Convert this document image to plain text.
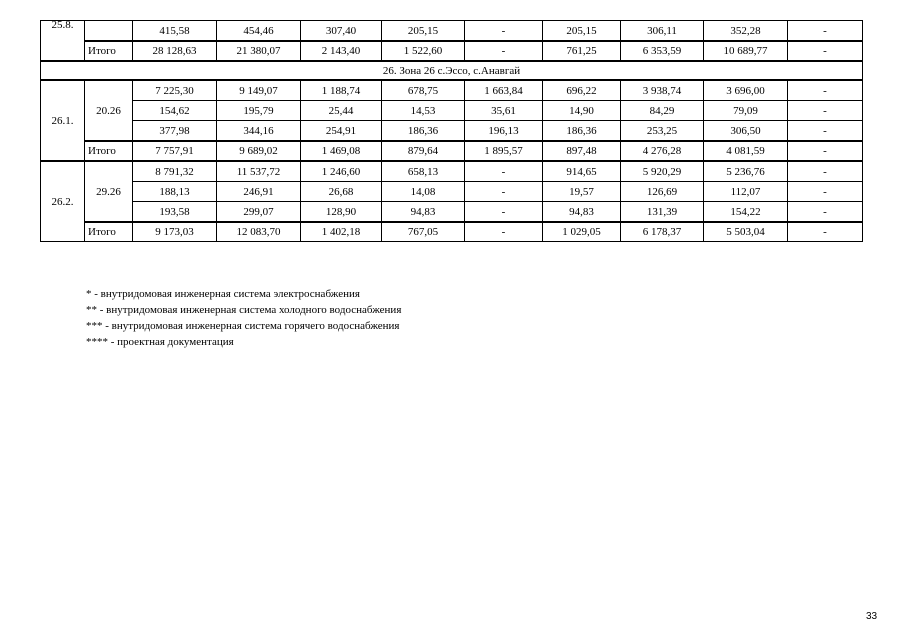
25.8.		415,58	454,46	307,40	205,15	-	205,15	306,11	352,28	-
	Итого	28 128,63	21 380,07	2 143,40	1 522,60	-	761,25	6 353,59	10 689,77	-
26. Зона 26 с.Эссо, с.Анавгай										
26.1.	20.26	7 225,30	9 149,07	1 188,74	678,75	1 663,84	696,22	3 938,74	3 696,00	-
		154,62	195,79	25,44	14,53	35,61	14,90	84,29	79,09	-
		377,98	344,16	254,91	186,36	196,13	186,36	253,25	306,50	-
	Итого	7 757,91	9 689,02	1 469,08	879,64	1 895,57	897,48	4 276,28	4 081,59	-
26.2.	29.26	8 791,32	11 537,72	1 246,60	658,13	-	914,65	5 920,29	5 236,76	-
		188,13	246,91	26,68	14,08	-	19,57	126,69	112,07	-
		193,58	299,07	128,90	94,83	-	94,83	131,39	154,22	-
	Итого	9 173,03	12 083,70	1 402,18	767,05	-	1 029,05	6 178,37	5 503,04	-
* - внутридомовая инженерная система электроснабжения
** - внутридомовая инженерная система холодного водоснабжения
*** - внутридомовая инженерная система горячего водоснабжения
**** - проектная документация
33
